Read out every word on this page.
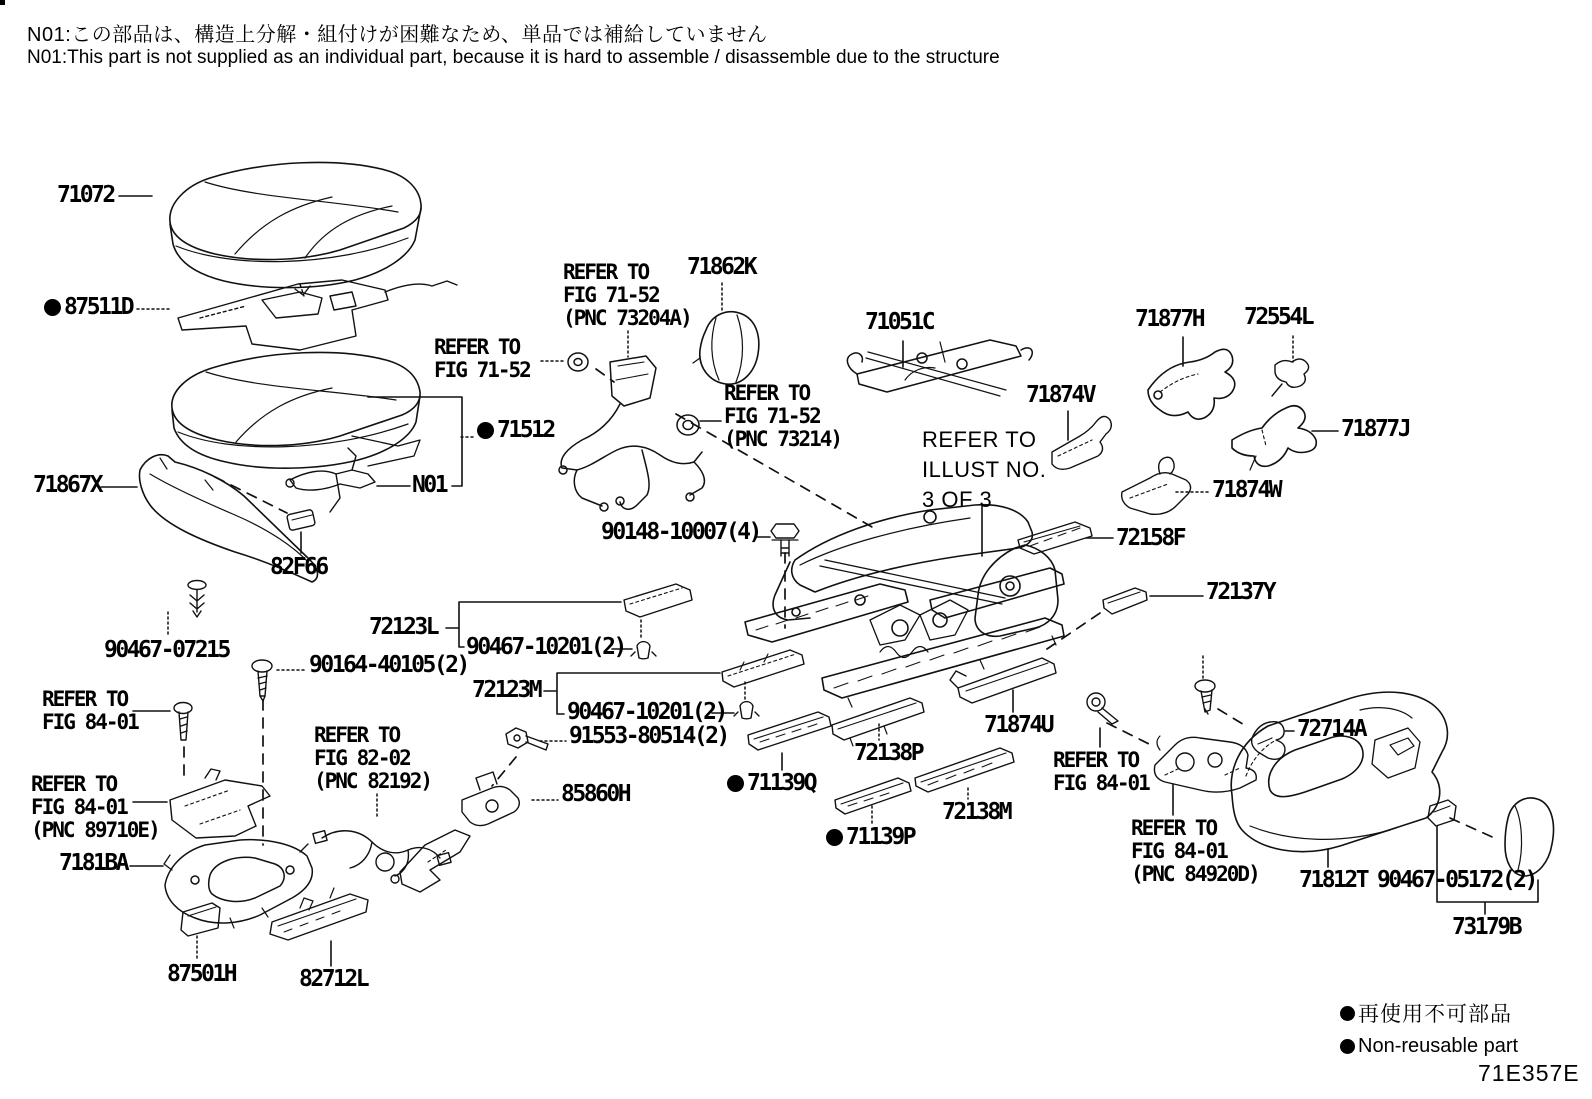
N01:この部品は、構造上分解・組付けが困難なため、単品では補給していません
N01:This part is not supplied as an individual part, because it is hard to assemble / disassemble due to the structure
71072
87511D
71867X
82F66
90467-07215
71512
N01
REFER TO
FIG 71-52
(PNC 73204A)
REFER TO
FIG 71-52
71862K
REFER TO
FIG 71-52
(PNC 73214)
71051C	71877H 72554L
71874V
71877J
71874W
72158F
REFER TO
ILLUST NO.
3 OF 3
90148-10007(4)
72137Y
72123L
90467-10201(2)
90164-40105(2)
72123M
90467-10201(2)
91553-80514(2)
REFER TO
FIG 84-01
REFER TO
FIG 84-01
(PNC 89710E)
REFER TO
FIG 82-02
(PNC 82192)	85860H
71874U
72138P	REFER TO
FIG 84-01
72714A
71139Q
72138M
71139P	REFER TO
FIG 84-01
(PNC 84920D)
7181BA
87501H	82712L
71812T 90467-05172(2)
73179B
再使用不可部品
Non-reusable part
71E357E
